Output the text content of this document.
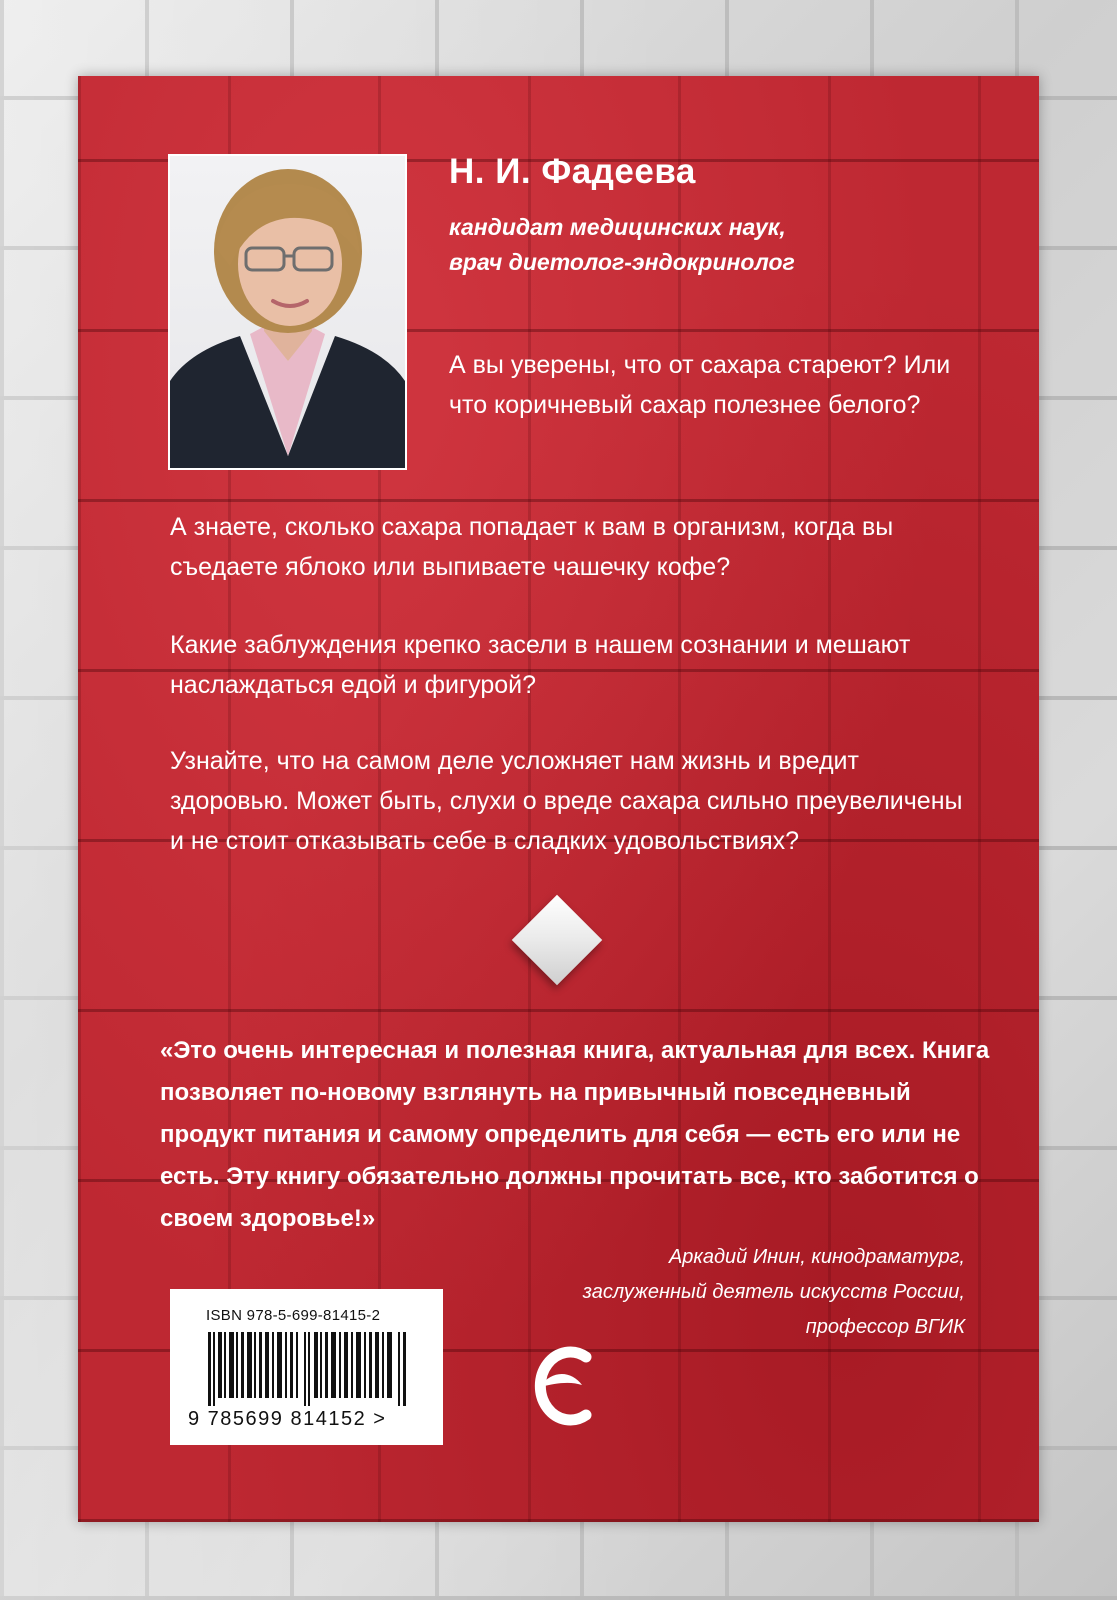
Н. И. Фадеева

кандидат медицинских наук,
врач диетолог-эндокринолог

А вы уверены, что от сахара стареют? Или что коричневый сахар полезнее белого?

А знаете, сколько сахара попадает к вам в организм, когда вы съедаете яблоко или выпиваете чашечку кофе?

Какие заблуждения крепко засели в нашем сознании и мешают наслаждаться едой и фигурой?

Узнайте, что на самом деле усложняет нам жизнь и вредит здоровью. Может быть, слухи о вреде сахара сильно преувеличены и не стоит отказывать себе в сладких удовольствиях?

«Это очень интересная и полезная книга, актуальная для всех. Книга позволяет по-новому взглянуть на привычный повседневный продукт питания и самому определить для себя — есть его или не есть. Эту книгу обязательно должны прочитать все, кто заботится о своем здоровье!»

Аркадий Инин, кинодраматург,
заслуженный деятель искусств России,
профессор ВГИК

ISBN 978-5-699-81415-2
9 785699 814152 >
